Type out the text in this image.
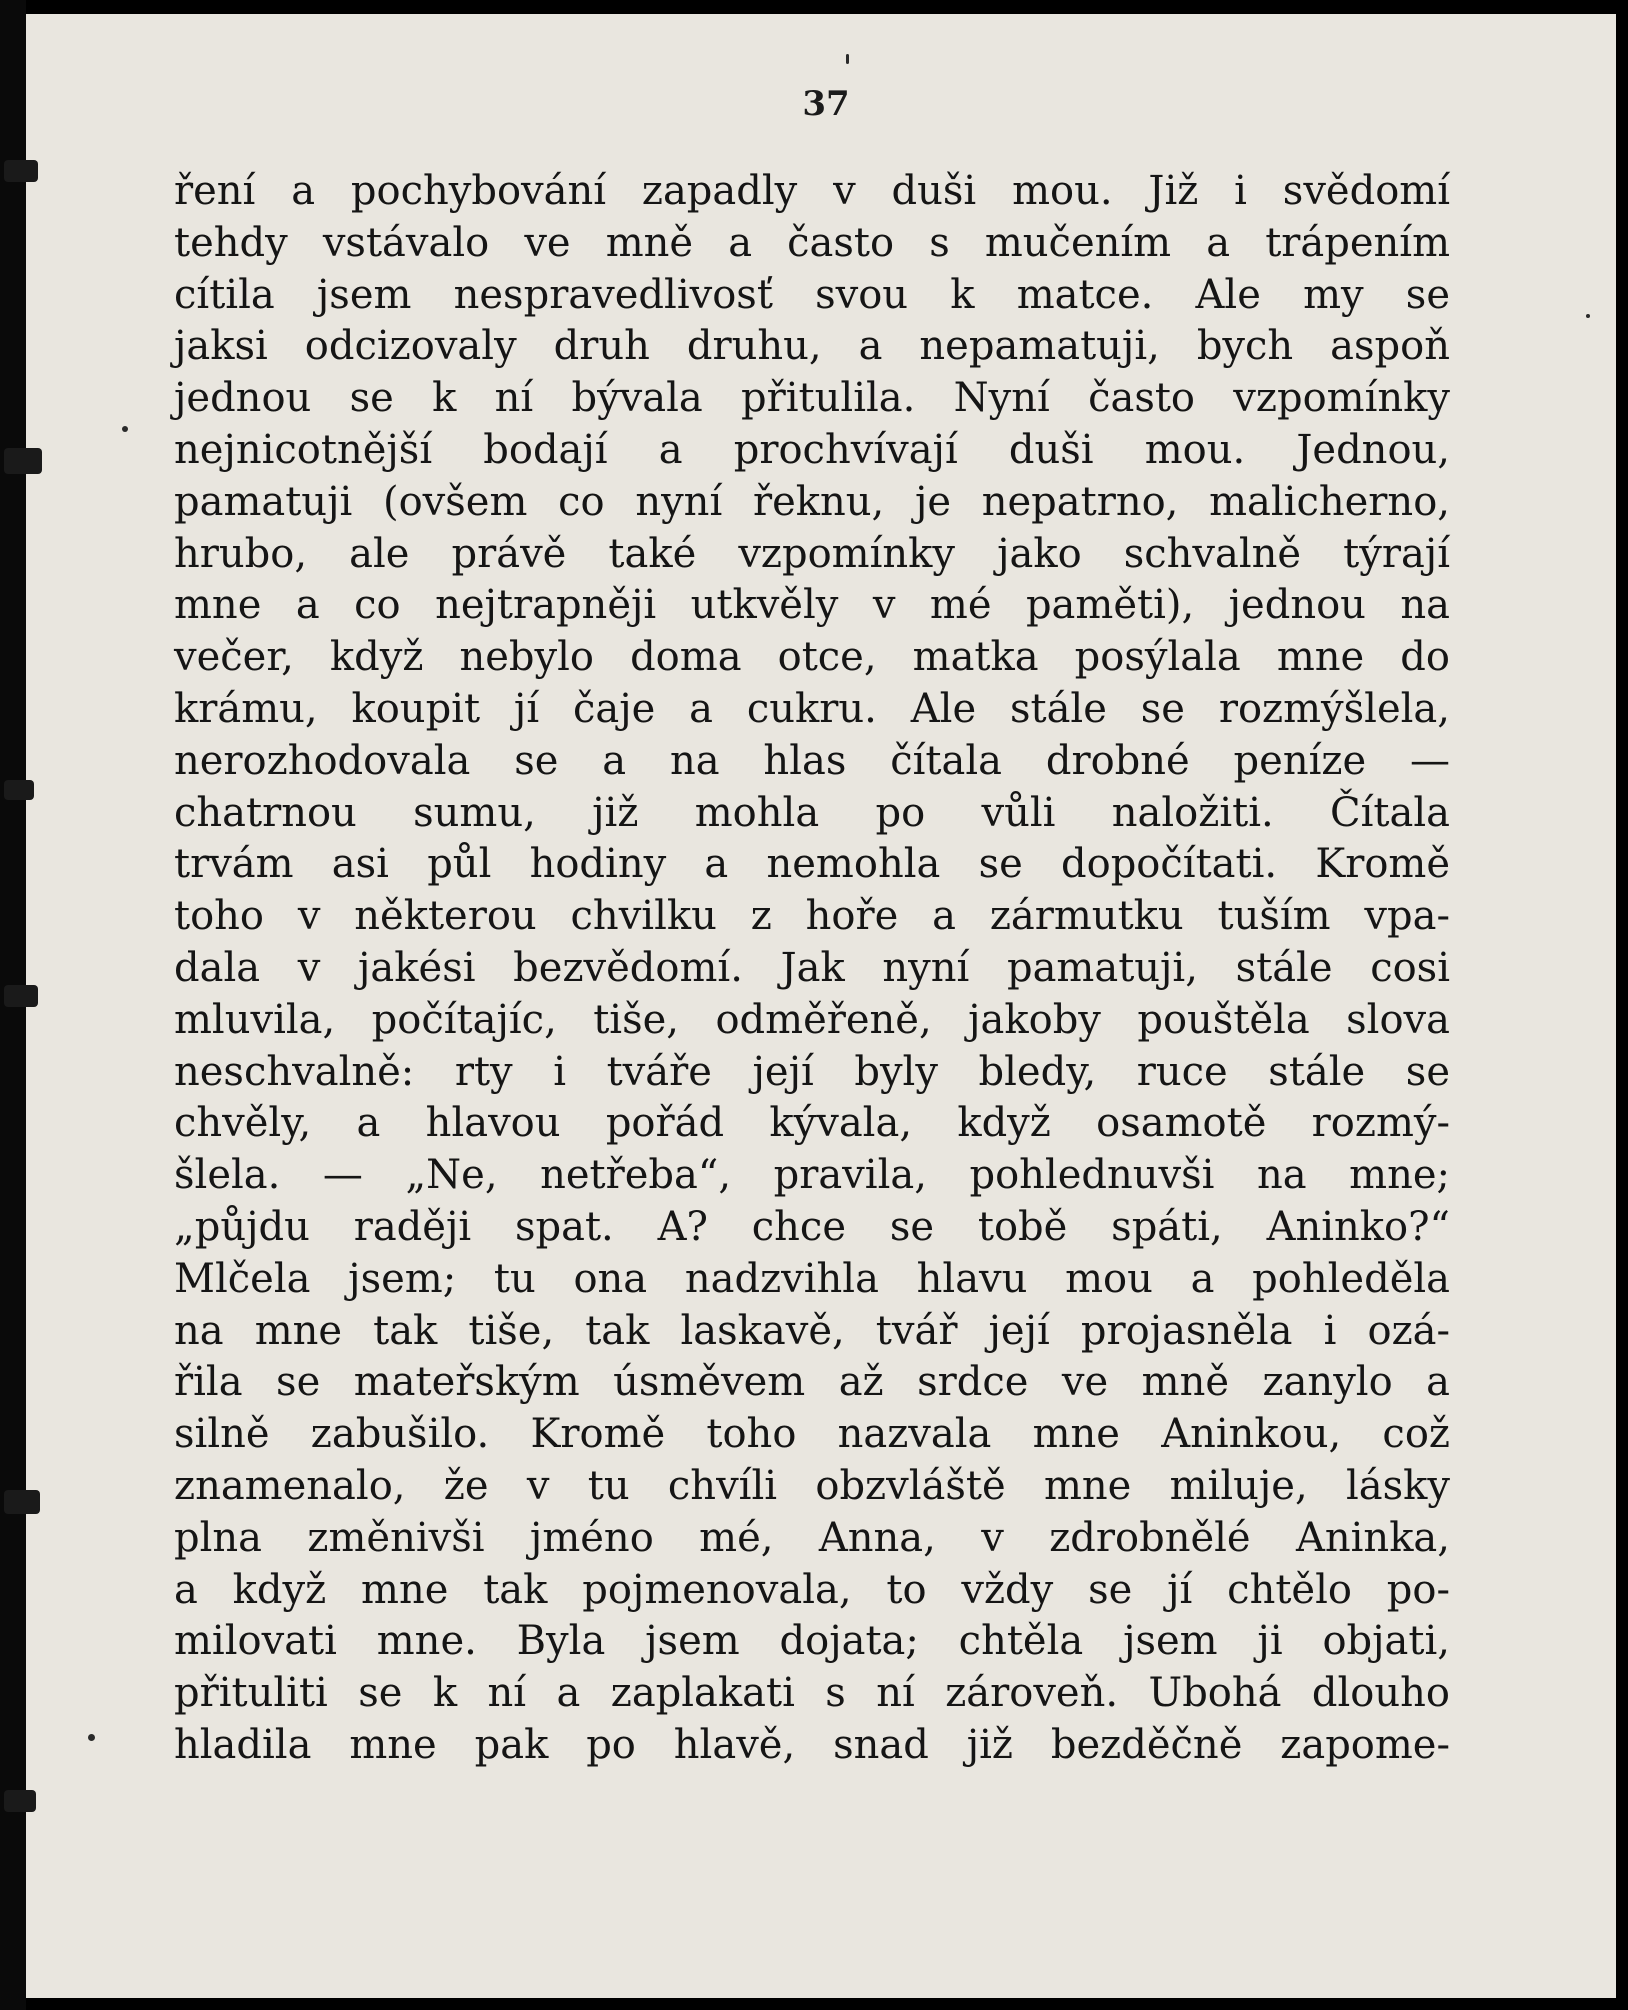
37
ření a pochybování zapadly v duši mou. Již i svědomí
tehdy vstávalo ve mně a často s mučením a trápením
cítila jsem nespravedlivosť svou k matce. Ale my se
jaksi odcizovaly druh druhu, a nepamatuji, bych aspoň
jednou se k ní bývala přitulila. Nyní často vzpomínky
nejnicotnější bodají a prochvívají duši mou. Jednou,
pamatuji (ovšem co nyní řeknu, je nepatrno, malicherno,
hrubo, ale právě také vzpomínky jako schvalně týrají
mne a co nejtrapněji utkvěly v mé paměti), jednou na
večer, když nebylo doma otce, matka posýlala mne do
krámu, koupit jí čaje a cukru. Ale stále se rozmýšlela,
nerozhodovala se a na hlas čítala drobné peníze —
chatrnou sumu, již mohla po vůli naložiti. Čítala
trvám asi půl hodiny a nemohla se dopočítati. Kromě
toho v některou chvilku z hoře a zármutku tuším vpa-
dala v jakési bezvědomí. Jak nyní pamatuji, stále cosi
mluvila, počítajíc, tiše, odměřeně, jakoby pouštěla slova
neschvalně: rty i tváře její byly bledy, ruce stále se
chvěly, a hlavou pořád kývala, když osamotě rozmý-
šlela. — „Ne, netřeba“, pravila, pohlednuvši na mne;
„půjdu raději spat. A? chce se tobě spáti, Aninko?“
Mlčela jsem; tu ona nadzvihla hlavu mou a pohleděla
na mne tak tiše, tak laskavě, tvář její projasněla i ozá-
řila se mateřským úsměvem až srdce ve mně zanylo a
silně zabušilo. Kromě toho nazvala mne Aninkou, což
znamenalo, že v tu chvíli obzvláště mne miluje, lásky
plna změnivši jméno mé, Anna, v zdrobnělé Aninka,
a když mne tak pojmenovala, to vždy se jí chtělo po-
milovati mne. Byla jsem dojata; chtěla jsem ji objati,
přituliti se k ní a zaplakati s ní zároveň. Ubohá dlouho
hladila mne pak po hlavě, snad již bezděčně zapome-
